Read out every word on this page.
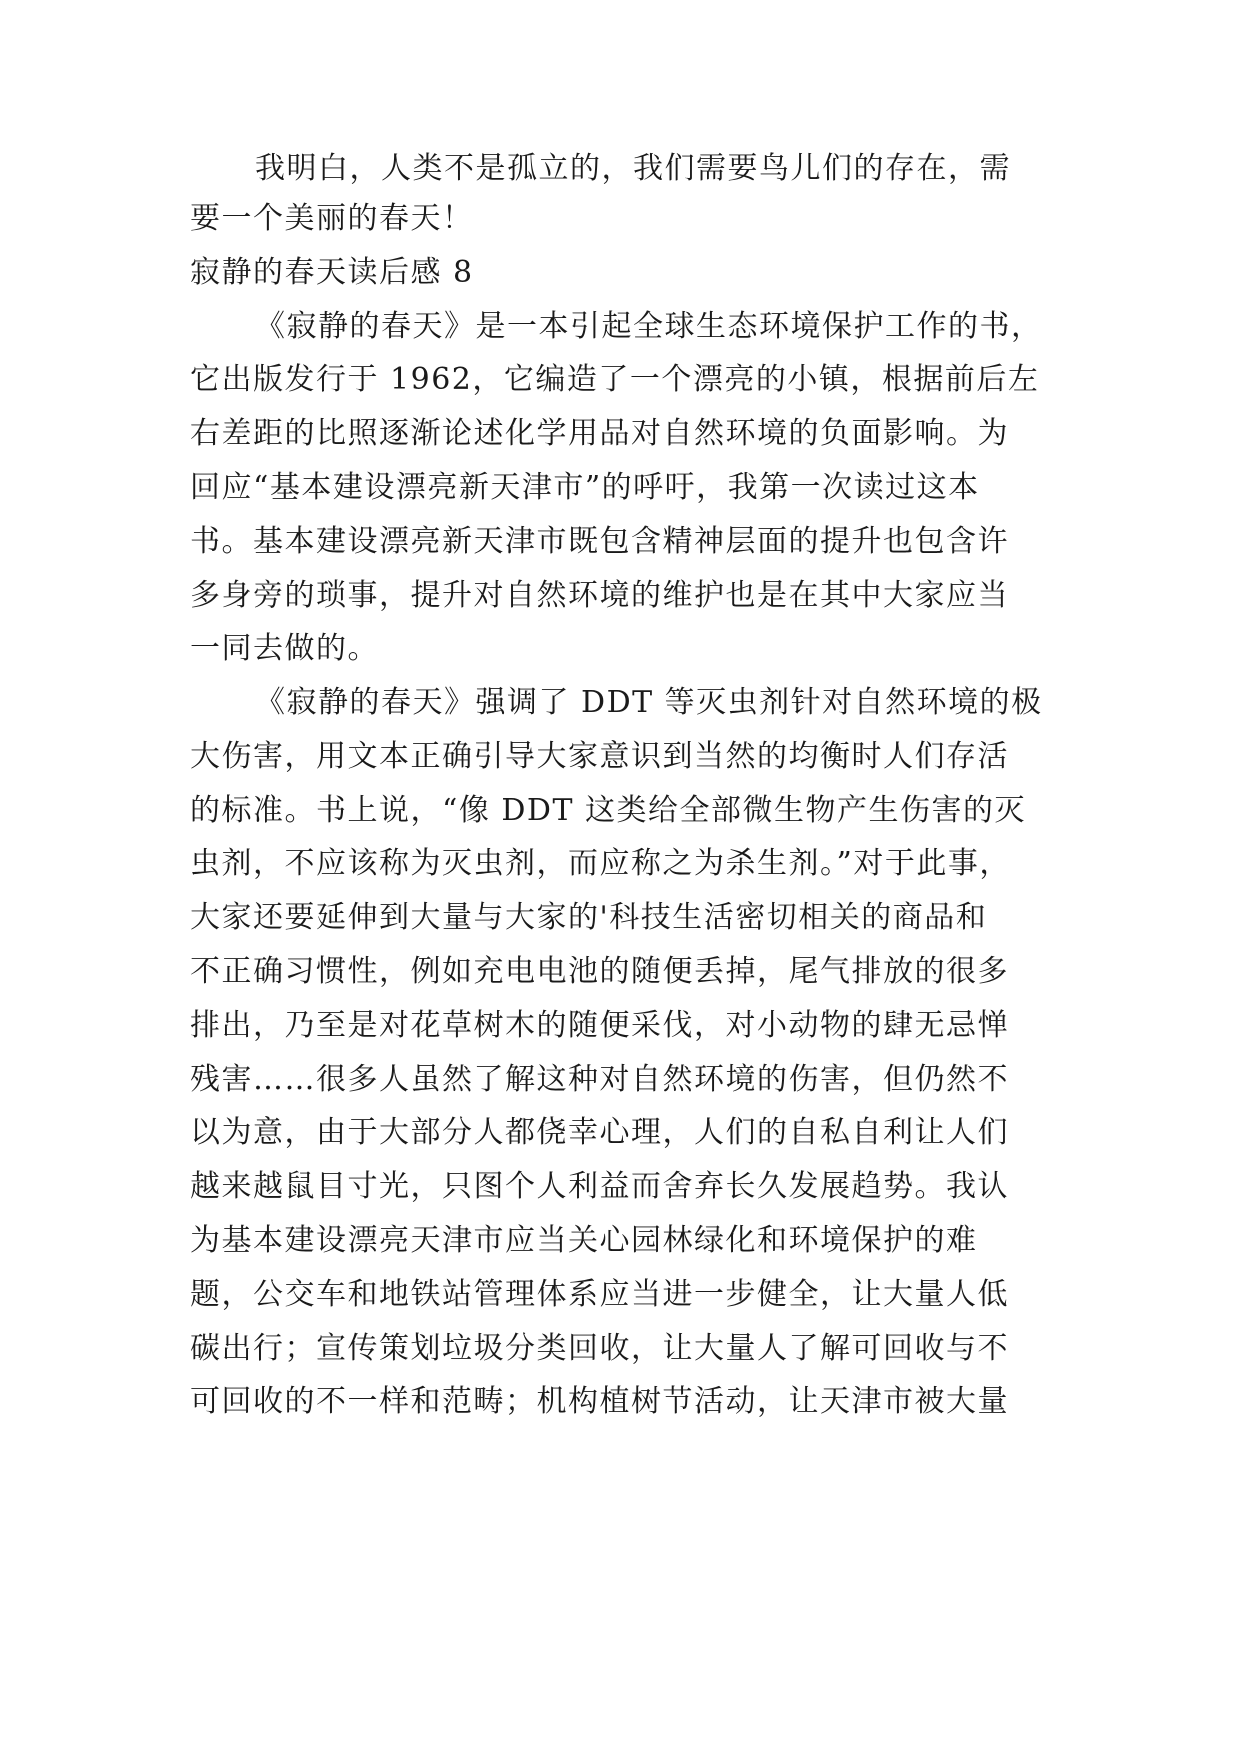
我明白，人类不是孤立的，我们需要鸟儿们的存在，需
要一个美丽的春天！
寂静的春天读后感 8
《寂静的春天》是一本引起全球生态环境保护工作的书，
它出版发行于 1962，它编造了一个漂亮的小镇，根据前后左
右差距的比照逐渐论述化学用品对自然环境的负面影响。为
回应“基本建设漂亮新天津市”的呼吁，我第一次读过这本
书。基本建设漂亮新天津市既包含精神层面的提升也包含许
多身旁的琐事，提升对自然环境的维护也是在其中大家应当
一同去做的。
《寂静的春天》强调了 DDT 等灭虫剂针对自然环境的极
大伤害，用文本正确引导大家意识到当然的均衡时人们存活
的标准。书上说，“像 DDT 这类给全部微生物产生伤害的灭
虫剂，不应该称为灭虫剂，而应称之为杀生剂。”对于此事，
大家还要延伸到大量与大家的'科技生活密切相关的商品和
不正确习惯性，例如充电电池的随便丢掉，尾气排放的很多
排出，乃至是对花草树木的随便采伐，对小动物的肆无忌惮
残害……很多人虽然了解这种对自然环境的伤害，但仍然不
以为意，由于大部分人都侥幸心理，人们的自私自利让人们
越来越鼠目寸光，只图个人利益而舍弃长久发展趋势。我认
为基本建设漂亮天津市应当关心园林绿化和环境保护的难
题，公交车和地铁站管理体系应当进一步健全，让大量人低
碳出行；宣传策划垃圾分类回收，让大量人了解可回收与不
可回收的不一样和范畴；机构植树节活动，让天津市被大量
